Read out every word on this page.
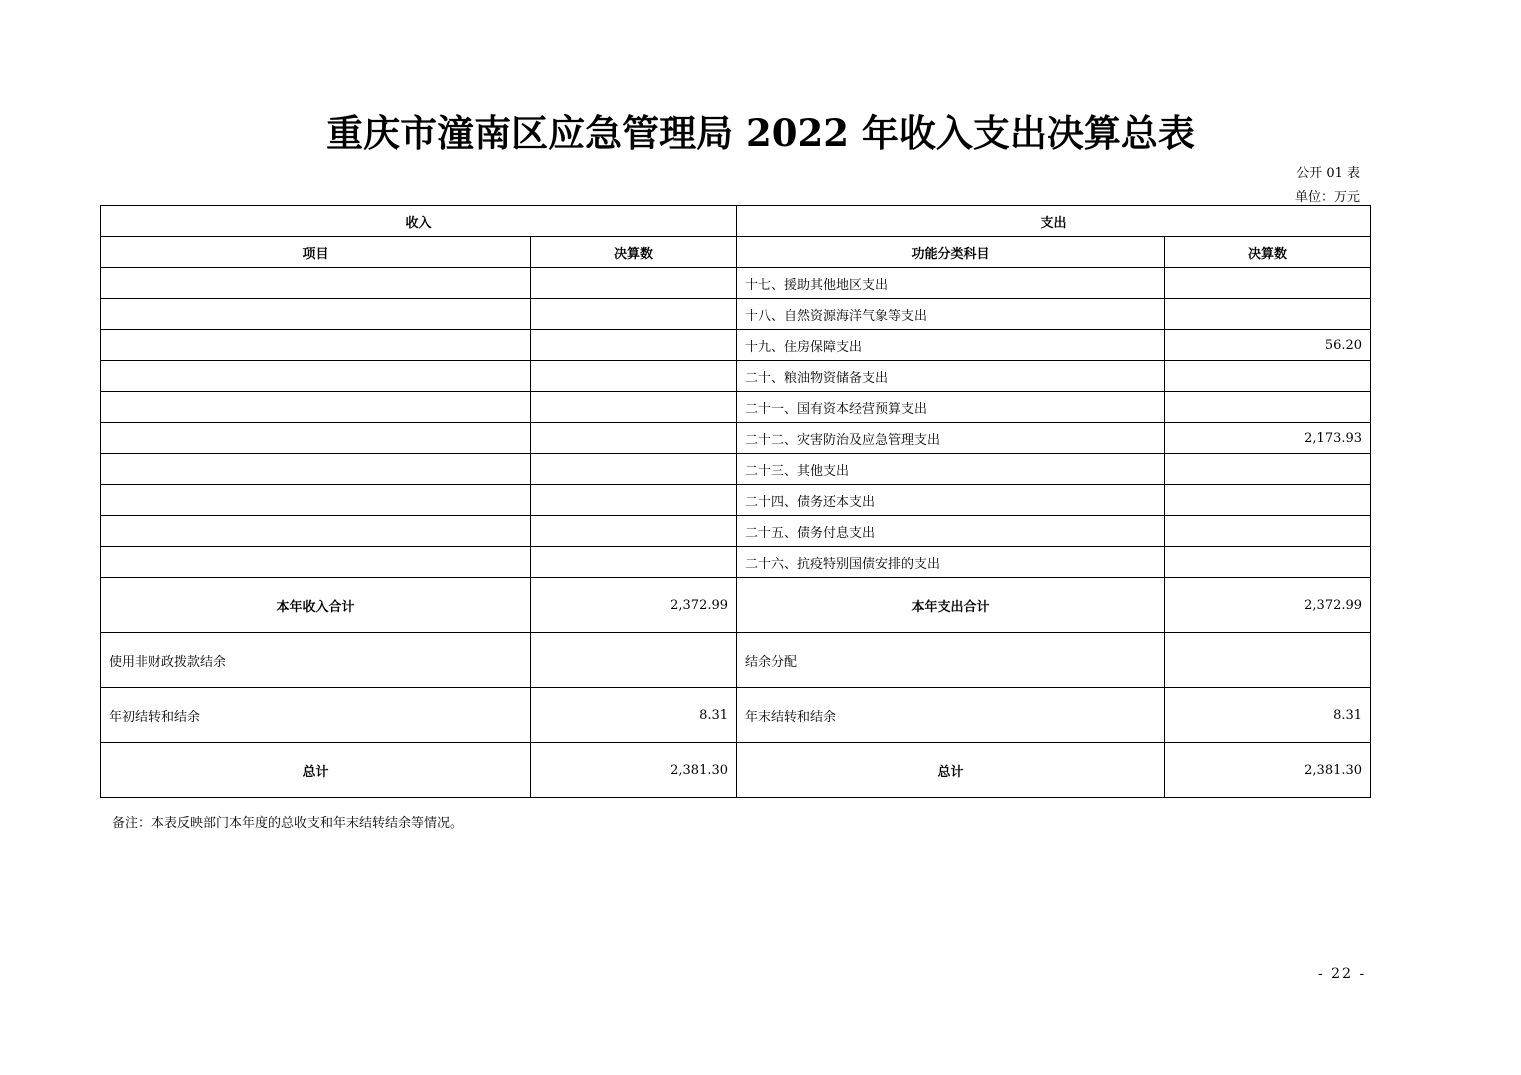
重庆市潼南区应急管理局 2022 年收入支出决算总表
公开 01 表
单位：万元
收入		支出	
项目	决算数	功能分类科目	决算数
		十七、援助其他地区支出	
		十八、自然资源海洋气象等支出	
		十九、住房保障支出	56.20
		二十、粮油物资储备支出	
		二十一、国有资本经营预算支出	
		二十二、灾害防治及应急管理支出	2,173.93
		二十三、其他支出	
		二十四、债务还本支出	
		二十五、债务付息支出	
		二十六、抗疫特别国债安排的支出	
本年收入合计	2,372.99	本年支出合计	2,372.99
使用非财政拨款结余		结余分配	
年初结转和结余	8.31	年末结转和结余	8.31
总计	2,381.30	总计	2,381.30
备注：本表反映部门本年度的总收支和年末结转结余等情况。
- 22 -
